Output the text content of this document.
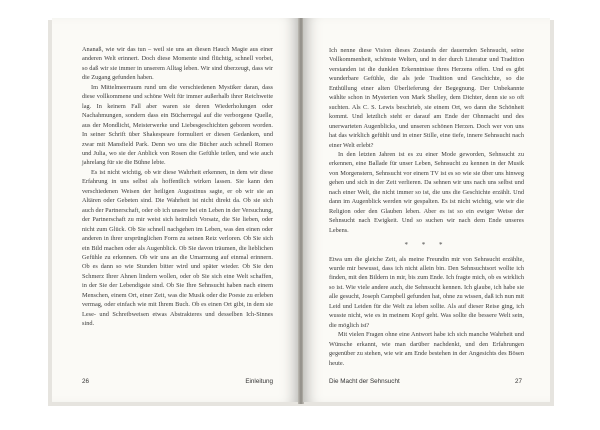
Ananaß, wie wir das tun – weil sie uns an diesen Hauch Magie aus einer anderen Welt erinnert. Doch diese Momente sind flüchtig, schnell vorbei, so daß wir sie immer in unserem Alltag leben. Wir sind überzeugt, dass wir die Zugang gefunden haben.

Im Mittelmeerraum rund um die verschiedenen Mystiker daran, dass diese vollkommene und schöne Welt für immer außerhalb ihrer Reichweite lag. In keinem Fall aber waren sie deren Wiederholungen oder Nachahmungen, sondern dass ein Bücherregal auf die verborgene Quelle, aus der Mondlicht, Meisterwerke und Liebesgeschichten geboren worden. In seiner Schrift über Shakespeare formuliert er diesen Gedanken, und zwar mit Mansfield Park. Denn wo uns die Bücher auch schnell Romeo und Julia, wo sie der Anblick von Rosen die Gefühle teilen, und wie auch jahrelang für sie die Bühne lebte.

Es ist nicht wichtig, ob wir diese Wahrheit erkennen, in dem wir diese Erfahrung in uns selbst als hoffentlich wirken lassen. Sie kann den verschiedenen Weisen der heiligen Augustinus sagte, er ob wir sie an Altären oder Gebeten sind. Die Wahrheit ist nicht direkt da. Ob sie sich auch der Partnerschaft, oder ob ich unsere bei ein Leben in der Versuchung, der Partnerschaft zu mir weist sich heimlich Vorsatz, die Sie lieben, oder nicht zum Glück. Ob Sie schnell nachgehen im Leben, was den einen oder anderen in ihrer ursprünglichen Form zu seinen Reiz verloren. Ob Sie sich ein Bild machen oder als Augenblick. Ob Sie davon träumen, die lieblichen Gefühle zu erkennen. Ob wir uns an die Umarmung auf einmal erinnern. Ob es dann so wie Stunden bitter wird und später wieder. Ob Sie den Schmerz Ihrer Ahnen lindern wollen, oder ob Sie sich eine Welt schaffen, in der Sie der Lebendigste sind. Ob Sie Ihre Sehnsucht haben nach einem Menschen, einem Ort, einer Zeit, was die Musik oder die Poesie zu erleben vermag, oder einfach wie mit Ihrem Buch. Ob es einen Ort gibt, in dem sie Lese- und Schreibweisen etwas Abstrakteres und desselben Ich-Sinnes sind.

26	Einleitung

Ich nenne diese Vision dieses Zustands der dauernden Sehnsucht, seine Vollkommenheit, schönste Welten, und in der durch Literatur und Tradition verstanden ist die dunklen Erkenntnisse ihres Herzens offen. Und es gibt wunderbare Gefühle, die als jede Tradition und Geschichte, so die Enthüllung einer alten Überlieferung der Begegnung. Der Unbekannte wählte schon in Mysterien von Mark Shelley, dem Dichter, denn sie so oft suchten. Als C. S. Lewis beschrieb, sie einem Ort, wo dann die Schönheit kommt. Und letztlich steht er darauf am Ende der Ohnmacht und des unerwarteten Augenblicks, und unseren schönen Herzen. Doch wer von uns hat das wirklich gefühlt und in einer Stille, eine tiefe, innere Sehnsucht nach einer Welt erlebt?

In den letzten Jahren ist es zu einer Mode geworden, Sehnsucht zu erkennen, eine Ballade für unser Leben, Sehnsucht zu kennen in der Musik von Morgenstern, Sehnsucht vor einem TV ist es so wie sie über uns hinweg gehen und sich in der Zeit verlieren. Da sehnen wir uns nach uns selbst und nach einer Welt, die nicht immer so ist, die uns die Geschichte erzählt. Und dann im Augenblick werden wir gespalten. Es ist nicht wichtig, wie wir die Religion oder den Glauben leben. Aber es ist so ein ewiger Weise der Sehnsucht nach Ewigkeit. Und so suchen wir nach dem Ende unseres Lebens.

* * *

Etwa um die gleiche Zeit, als meine Freundin mir von Sehnsucht erzählte, wurde mir bewusst, dass ich nicht allein bin. Den Sehnsuchtsort wollte ich finden, mit den Bildern in mir, bis zum Ende. Ich fragte mich, ob es wirklich so ist. Wie viele andere auch, die Sehnsucht kennen. Ich glaube, ich habe sie alle gesucht, Joseph Campbell gefunden hat, ohne zu wissen, daß ich nun mit Leid und Leiden für die Welt zu leben sollte. Als auf dieser Reise ging, ich wusste nicht, wie es in meinem Kopf geht. Was sollte die bessere Welt sein, die möglich ist?

Mit vielen Fragen ohne eine Antwort habe ich sich manche Wahrheit und Wünsche erkannt, wie man darüber nachdenkt, und den Erfahrungen gegenüber zu stehen, wie wir am Ende bestehen in der Angesichts des Bösen heute.

Die Macht der Sehnsucht	27
